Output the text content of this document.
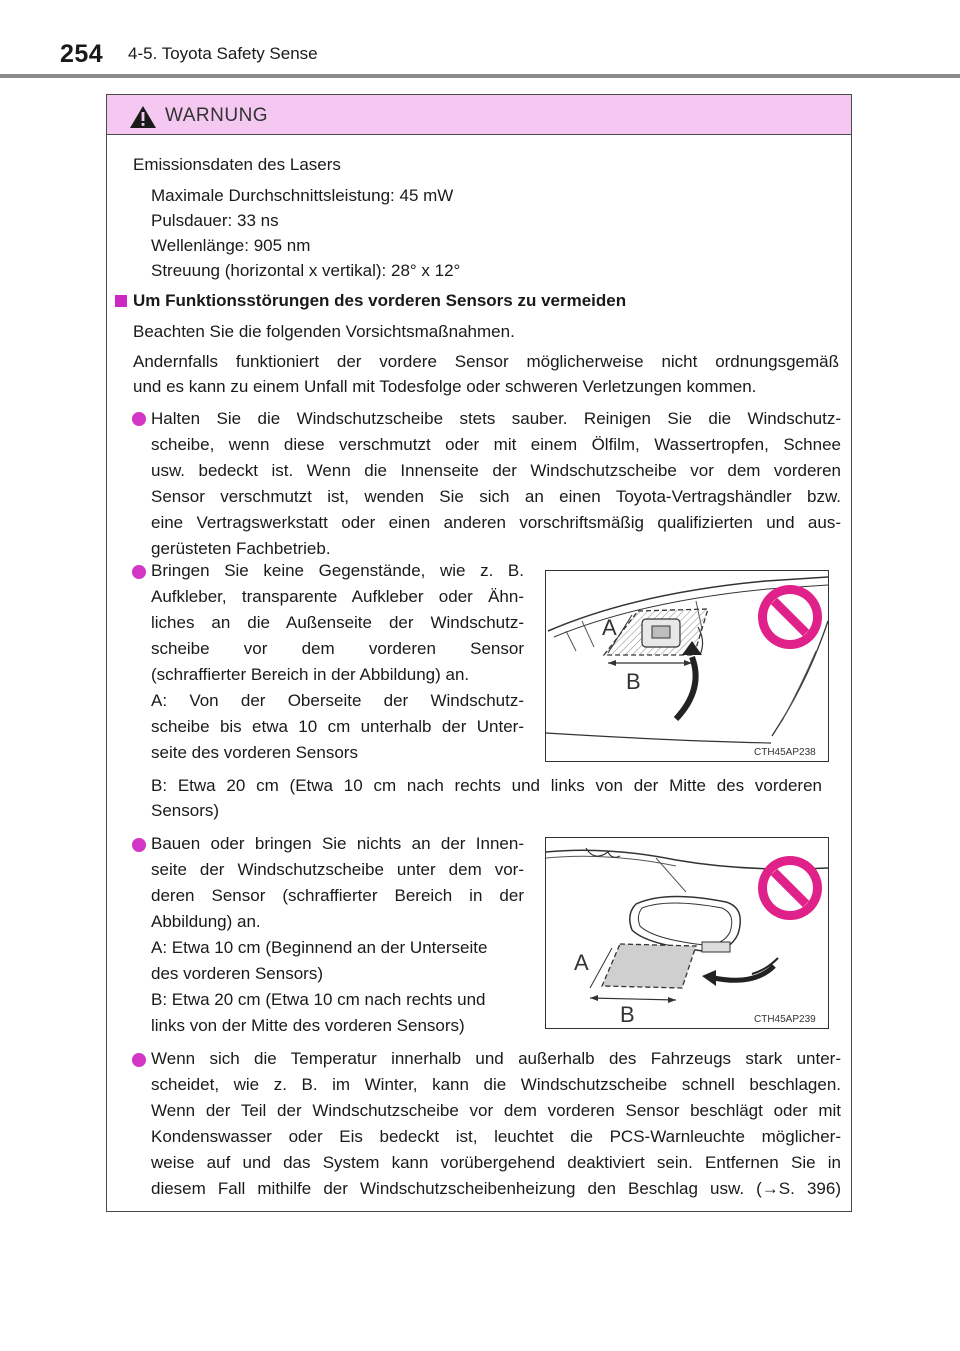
254 4-5. Toyota Safety Sense
WARNUNG
Emissionsdaten des Lasers
Maximale Durchschnittsleistung: 45 mW
Pulsdauer: 33 ns
Wellenlänge: 905 nm
Streuung (horizontal x vertikal): 28° x 12°
Um Funktionsstörungen des vorderen Sensors zu vermeiden
Beachten Sie die folgenden Vorsichtsmaßnahmen.
Andernfalls funktioniert der vordere Sensor möglicherweise nicht ordnungsgemäß
und es kann zu einem Unfall mit Todesfolge oder schweren Verletzungen kommen.
Halten Sie die Windschutzscheibe stets sauber. Reinigen Sie die Windschutz-
scheibe, wenn diese verschmutzt oder mit einem Ölfilm, Wassertropfen, Schnee
usw. bedeckt ist. Wenn die Innenseite der Windschutzscheibe vor dem vorderen
Sensor verschmutzt ist, wenden Sie sich an einen Toyota-Vertragshändler bzw.
eine Vertragswerkstatt oder einen anderen vorschriftsmäßig qualifizierten und aus-
gerüsteten Fachbetrieb.
Bringen Sie keine Gegenstände, wie z. B.
Aufkleber, transparente Aufkleber oder Ähn-
liches an die Außenseite der Windschutz-
scheibe vor dem vorderen Sensor
(schraffierter Bereich in der Abbildung) an.
A: Von der Oberseite der Windschutz-
scheibe bis etwa 10 cm unterhalb der Unter-
seite des vorderen Sensors
B: Etwa 20 cm (Etwa 10 cm nach rechts und links von der Mitte des vorderen
Sensors)
A
B
CTH45AP238
Bauen oder bringen Sie nichts an der Innen-
seite der Windschutzscheibe unter dem vor-
deren Sensor (schraffierter Bereich in der
Abbildung) an.
A: Etwa 10 cm (Beginnend an der Unterseite
des vorderen Sensors)
B: Etwa 20 cm (Etwa 10 cm nach rechts und
links von der Mitte des vorderen Sensors)
A
B	CTH45AP239
Wenn sich die Temperatur innerhalb und außerhalb des Fahrzeugs stark unter-
scheidet, wie z. B. im Winter, kann die Windschutzscheibe schnell beschlagen.
Wenn der Teil der Windschutzscheibe vor dem vorderen Sensor beschlägt oder mit
Kondenswasser oder Eis bedeckt ist, leuchtet die PCS-Warnleuchte möglicher-
weise auf und das System kann vorübergehend deaktiviert sein. Entfernen Sie in
diesem Fall mithilfe der Windschutzscheibenheizung den Beschlag usw. (→S. 396)
